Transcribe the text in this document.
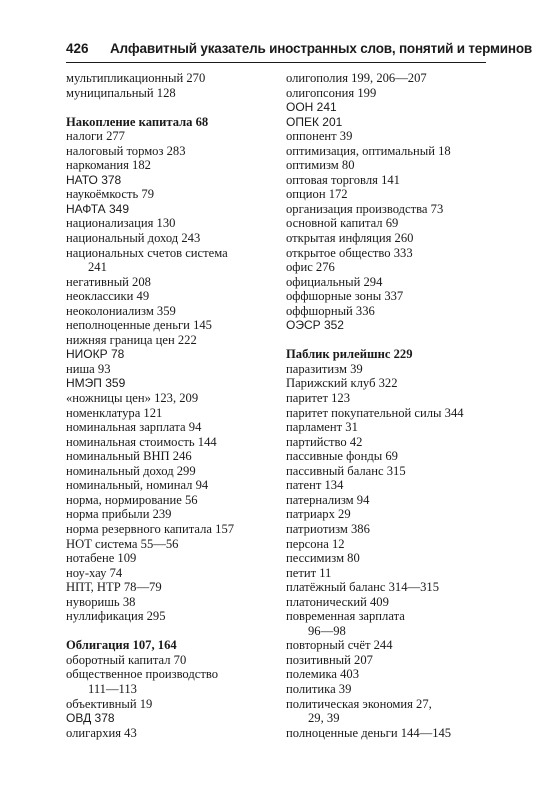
426 Алфавитный указатель иностранных слов, понятий и терминов
мультипликационный 270
муниципальный 128
Накопление капитала 68
налоги 277
налоговый тормоз 283
наркомания 182
НАТО 378
наукоёмкость 79
НАФТА 349
национализация 130
национальный доход 243
национальных счетов система
241
негативный 208
неоклассики 49
неоколониализм 359
неполноценные деньги 145
нижняя граница цен 222
НИОКР 78
ниша 93
НМЭП 359
«ножницы цен» 123, 209
номенклатура 121
номинальная зарплата 94
номинальная стоимость 144
номинальный ВНП 246
номинальный доход 299
номинальный, номинал 94
норма, нормирование 56
норма прибыли 239
норма резервного капитала 157
НОТ система 55—56
нотабене 109
ноу-хау 74
НПТ, НТР 78—79
нуворишь 38
нуллификация 295
Облигация 107, 164
оборотный капитал 70
общественное производство
111—113
объективный 19
ОВД 378
олигархия 43
олигополия 199, 206—207
олигопсония 199
ООН 241
ОПЕК 201
оппонент 39
оптимизация, оптимальный 18
оптимизм 80
оптовая торговля 141
опцион 172
организация производства 73
основной капитал 69
открытая инфляция 260
открытое общество 333
офис 276
официальный 294
оффшорные зоны 337
оффшорный 336
ОЭСР 352
Паблик рилейшнс 229
паразитизм 39
Парижский клуб 322
паритет 123
паритет покупательной силы 344
парламент 31
партийство 42
пассивные фонды 69
пассивный баланс 315
патент 134
патернализм 94
патриарх 29
патриотизм 386
персона 12
пессимизм 80
петит 11
платёжный баланс 314—315
платонический 409
повременная зарплата
96—98
повторный счёт 244
позитивный 207
полемика 403
политика 39
политическая экономия 27,
29, 39
полноценные деньги 144—145
